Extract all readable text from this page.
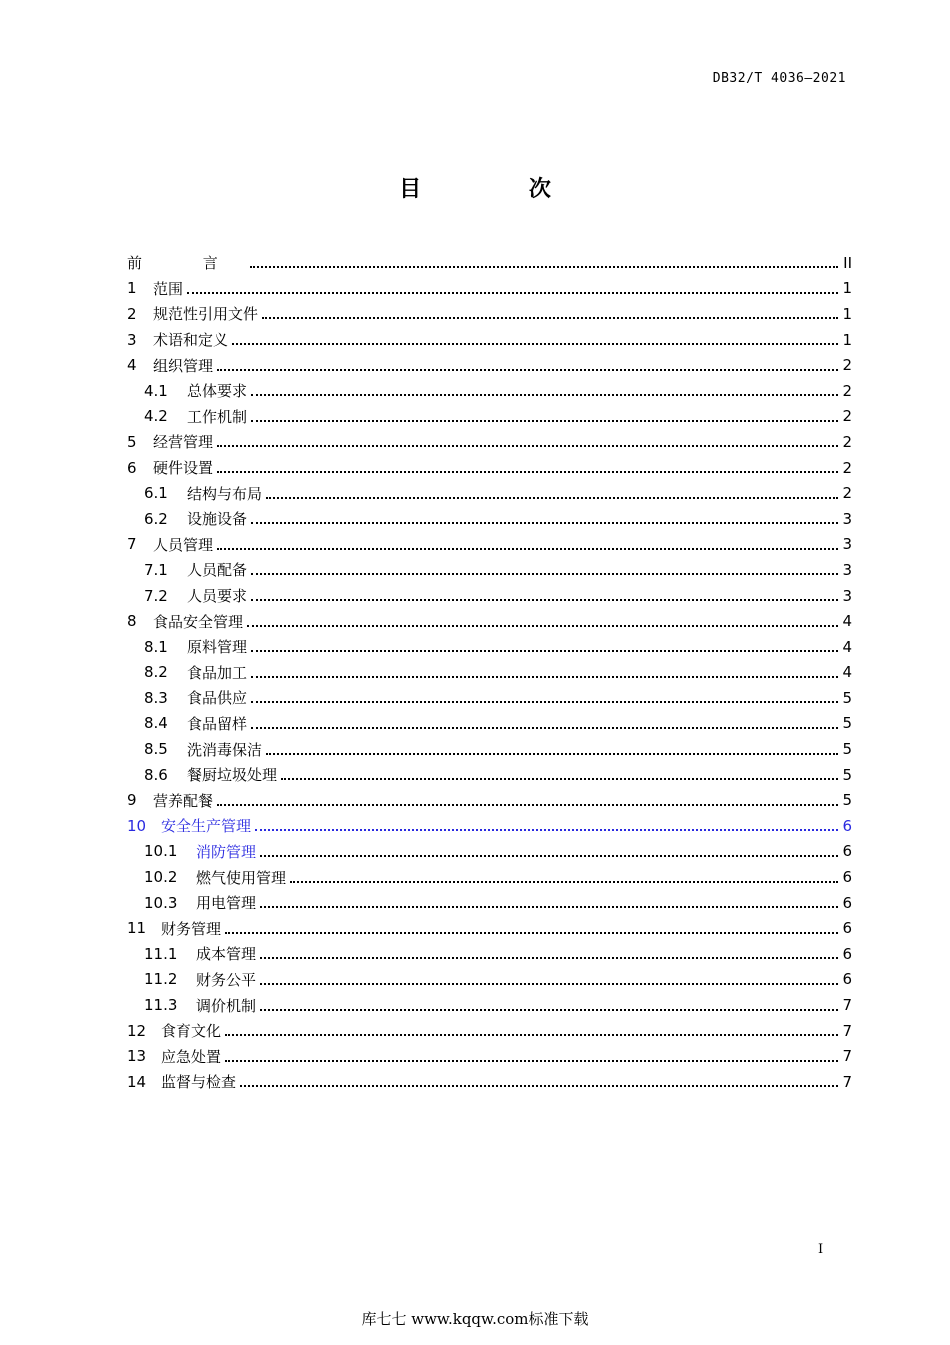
DB32/T 4036—2021
目 次
前 言	II
1	范围	1
2	规范性引用文件	1
3	术语和定义	1
4	组织管理	2
4.1	总体要求	2
4.2	工作机制	2
5	经营管理	2
6	硬件设置	2
6.1	结构与布局	2
6.2	设施设备	3
7	人员管理	3
7.1	人员配备	3
7.2	人员要求	3
8	食品安全管理	4
8.1	原料管理	4
8.2	食品加工	4
8.3	食品供应	5
8.4	食品留样	5
8.5	洗消毒保洁	5
8.6	餐厨垃圾处理	5
9	营养配餐	5
10 安全生产管理	6
10.1	消防管理	6
10.2	燃气使用管理	6
10.3	用电管理	6
11 财务管理	6
11.1	成本管理	6
11.2	财务公平	6
11.3	调价机制	7
12 食育文化	7
13 应急处置	7
14 监督与检查	7
I
库七七 www.kqqw.com标准下载
